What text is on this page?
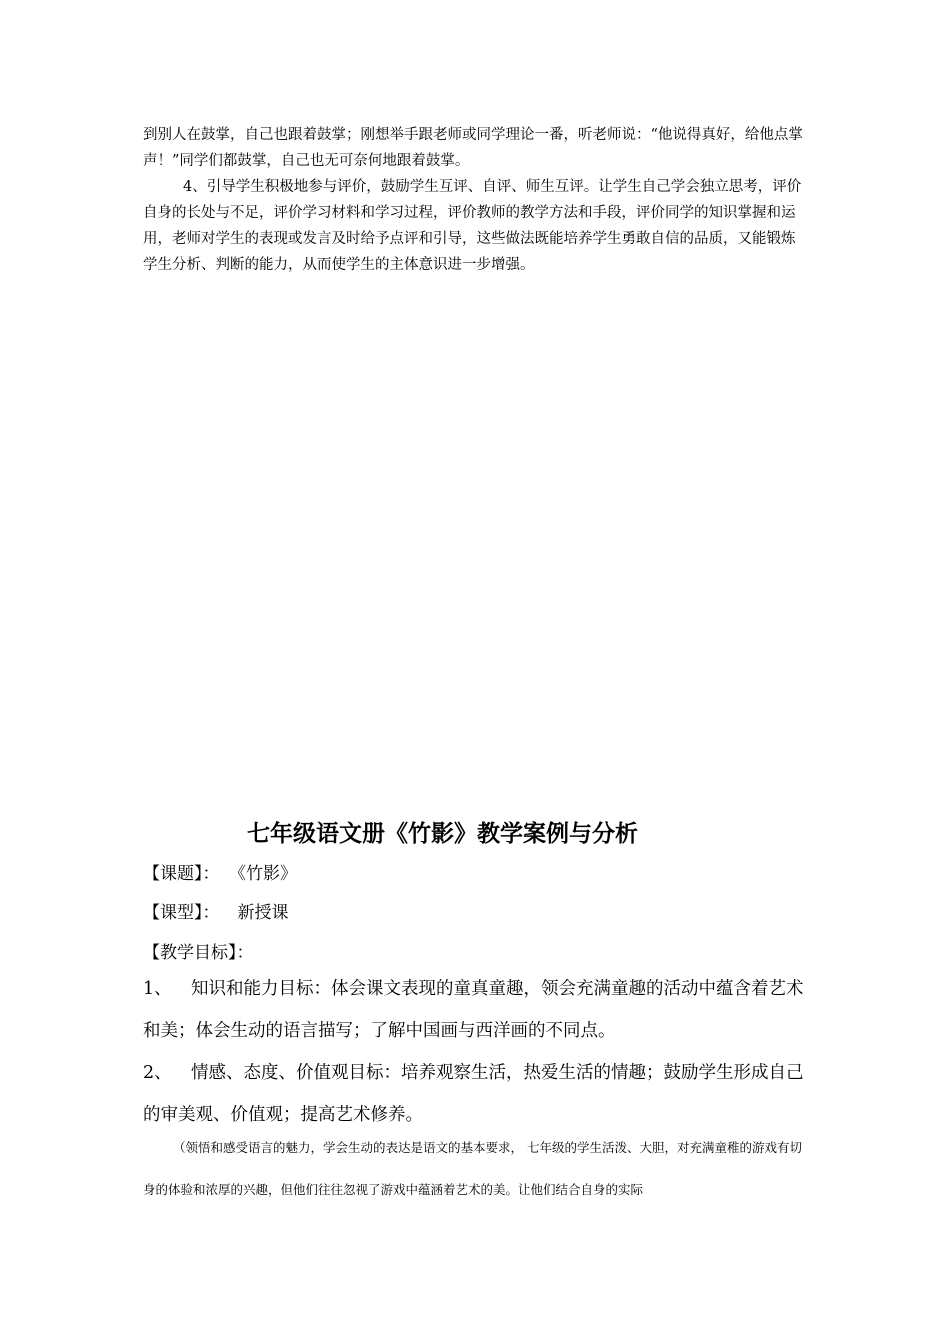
到别人在鼓掌，自己也跟着鼓掌；刚想举手跟老师或同学理论一番，听老师说：“他说得真好，给他点掌声！”同学们都鼓掌，自己也无可奈何地跟着鼓掌。

4、引导学生积极地参与评价，鼓励学生互评、自评、师生互评。让学生自己学会独立思考，评价自身的长处与不足，评价学习材料和学习过程，评价教师的教学方法和手段，评价同学的知识掌握和运用，老师对学生的表现或发言及时给予点评和引导，这些做法既能培养学生勇敢自信的品质，又能锻炼学生分析、判断的能力，从而使学生的主体意识进一步增强。

七年级语文册《竹影》教学案例与分析
【课题】： 《竹影》
【课型】： 新授课
【教学目标】：

1、 知识和能力目标：体会课文表现的童真童趣，领会充满童趣的活动中蕴含着艺术和美；体会生动的语言描写；了解中国画与西洋画的不同点。

2、 情感、态度、价值观目标：培养观察生活，热爱生活的情趣；鼓励学生形成自己的审美观、价值观；提高艺术修养。

（领悟和感受语言的魅力，学会生动的表达是语文的基本要求， 七年级的学生活泼、大胆，对充满童稚的游戏有切身的体验和浓厚的兴趣，但他们往往忽视了游戏中蕴涵着艺术的美。让他们结合自身的实际
